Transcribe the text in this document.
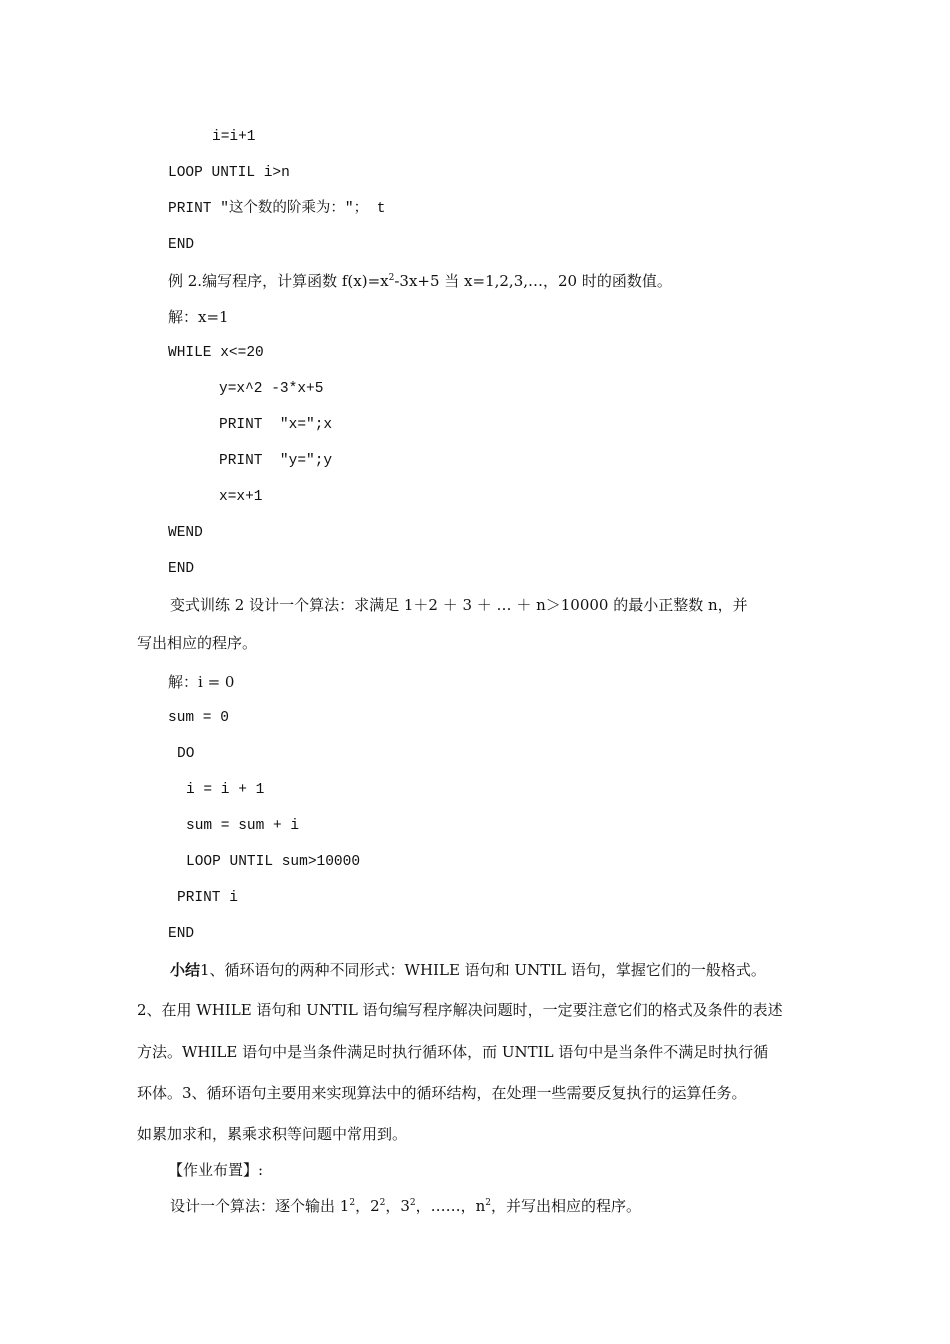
i=i+1
LOOP UNTIL i>n
PRINT "这个数的阶乘为："； t
END
例 2.编写程序，计算函数 $f(x)=x^2-3x+5$ 当 x=1,2,3,…，20 时的函数值。
解：x=1
WHILE x<=20
y=x^2 -3*x+5
PRINT  "x=";x
PRINT  "y=";y
x=x+1
WEND
END
变式训练 2 设计一个算法：求满足 1＋2 ＋ 3 ＋ … ＋ n＞10000 的最小正整数 n，并
写出相应的程序。
解：i = 0
sum = 0
DO
i = i + 1
sum = sum + i
LOOP UNTIL sum>10000
PRINT i
END
小结1、循环语句的两种不同形式：WHILE 语句和 UNTIL 语句，掌握它们的一般格式。
2、在用 WHILE 语句和 UNTIL 语句编写程序解决问题时，一定要注意它们的格式及条件的表述
方法。WHILE 语句中是当条件满足时执行循环体，而 UNTIL 语句中是当条件不满足时执行循
环体。3、循环语句主要用来实现算法中的循环结构，在处理一些需要反复执行的运算任务。
如累加求和，累乘求积等问题中常用到。
【作业布置】:
设计一个算法：逐个输出 $1^2$，$2^2$，$3^2$，……，$n^2$，并写出相应的程序。
